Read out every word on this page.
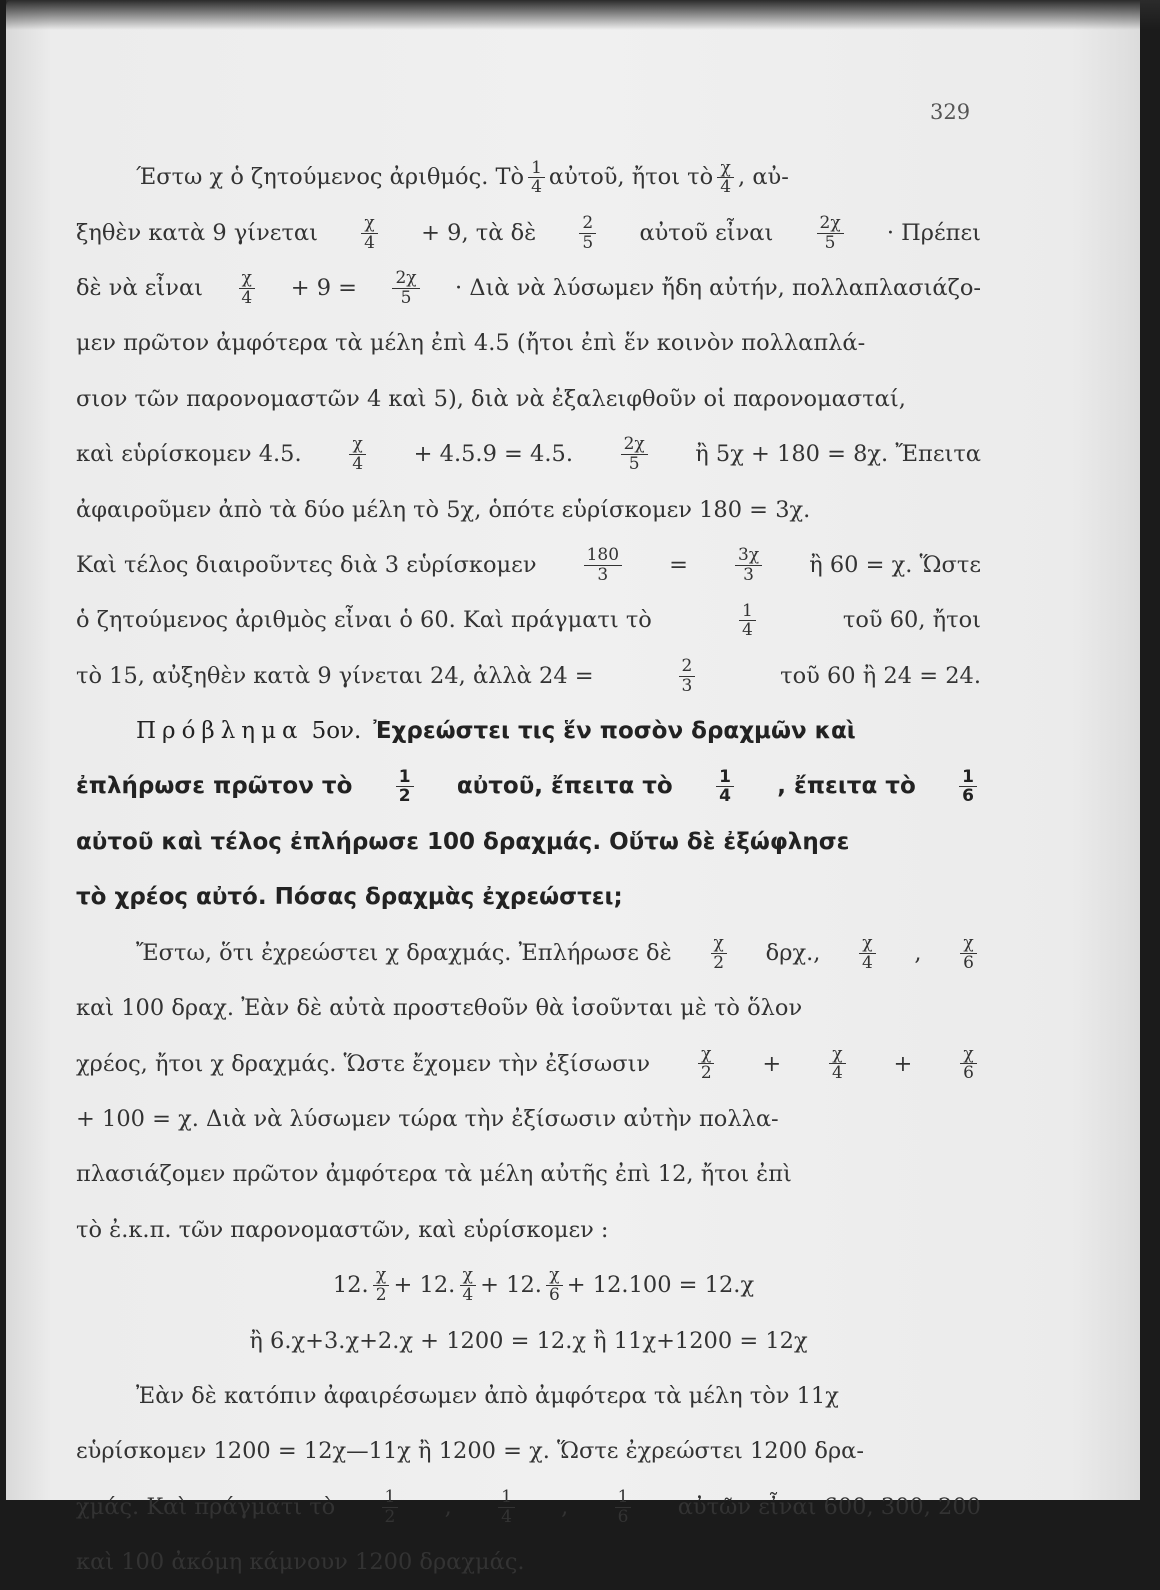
329
Έστω χ ὁ ζητούμενος ἀριθμός. Τὸ $\frac{1}{4}$ αὐτοῦ, ἤτοι τὸ $\frac{\chi}{4}$ , αὐ-
ξηθὲν κατὰ 9 γίνεται	$\frac{\chi}{4} + 9$, τὰ δὲ	$\frac{2}{5}$ αὐτοῦ εἶναι	$\frac{2\chi}{5} \cdot \Pi\rho έ\pi\varepsilon\iota$
δὲ νὰ εἶναι $\frac{\chi}{4} + 9 = \frac{2\chi}{5}$ · Διὰ νὰ λύσωμεν ἤδη αὐτήν, πολλαπλασιάζο-
μεν πρῶτον ἀμφότερα τὰ μέλη ἐπὶ 4.5 (ἤτοι ἐπὶ ἕν κοινὸν πολλαπλά-
σιον τῶν παρονομαστῶν 4 καὶ 5), διὰ νὰ ἐξαλειφθοῦν οἱ παρονομασταί,
καὶ εὑρίσκομεν 4.5.	$\frac{\chi}{4} + 4.5.9 = 4.5$.	$\frac{2\chi}{5}$ ἢ 5χ + 180 = 8χ. Ἔπειτα
ἀφαιροῦμεν ἀπὸ τὰ δύο μέλη τὸ 5χ, ὁπότε εὑρίσκομεν 180 = 3χ.
Καὶ τέλος διαιροῦντες διὰ 3 εὑρίσκομεν	$\frac{180}{3}$ =	$\frac{3\chi}{3}$ ἢ 60 = χ. Ὥστε
ὁ ζητούμενος ἀριθμὸς εἶναι ὁ 60. Καὶ πράγματι τὸ	$\frac{1}{4}$	τοῦ 60, ἤτοι
τὸ 15, αὐξηθὲν κατὰ 9 γίνεται 24, ἀλλὰ 24 =	$\frac{2}{3}$	τοῦ 60 ἢ 24 = 24.
Πρόβλημα 5ον. Ἐχρεώστει τις ἕν ποσὸν δραχμῶν καὶ
ἐπλήρωσε πρῶτον τὸ	$\frac{1}{2}$ αὐτοῦ, ἔπειτα τὸ	$\frac{1}{4}$ , ἔπειτα τὸ	$\frac{1}{6}$
αὐτοῦ καὶ τέλος ἐπλήρωσε 100 δραχμάς. Οὕτω δὲ ἐξώφλησε
τὸ χρέος αὐτό. Πόσας δραχμὰς ἐχρεώστει;
Ἔστω, ὅτι ἐχρεώστει χ δραχμάς. Ἐπλήρωσε δὲ $\frac{\chi}{2} \delta\rho\chi$., $\frac{\chi}{4}$ , $\frac{\chi}{6}$
καὶ 100 δραχ. Ἐὰν δὲ αὐτὰ προστεθοῦν θὰ ἰσοῦνται μὲ τὸ ὅλον
χρέος, ἤτοι χ δραχμάς. Ὥστε ἔχομεν τὴν ἐξίσωσιν	$\frac{\chi}{2}$ +	$\frac{\chi}{4}$ +	$\frac{\chi}{6}$
+ 100 = χ. Διὰ νὰ λύσωμεν τώρα τὴν ἐξίσωσιν αὐτὴν πολλα-
πλασιάζομεν πρῶτον ἀμφότερα τὰ μέλη αὐτῆς ἐπὶ 12, ἤτοι ἐπὶ
τὸ ἐ.κ.π. τῶν παρονομαστῶν, καὶ εὑρίσκομεν :
12. $\frac{\chi}{2} + 12$. $\frac{\chi}{4} + 12$. $\frac{\chi}{6} + 12.100 = 12.\chi$
ἢ 6.χ+3.χ+2.χ + 1200 = 12.χ ἢ 11χ+1200 = 12χ
Ἐὰν δὲ κατόπιν ἀφαιρέσωμεν ἀπὸ ἀμφότερα τὰ μέλη τὸν 11χ
εὑρίσκομεν 1200 = 12χ—11χ ἢ 1200 = χ. Ὥστε ἐχρεώστει 1200 δρα-
χμάς. Καὶ πράγματι τὸ	$\frac{1}{2}$ ,	$\frac{1}{4}$ ,	$\frac{1}{6}$ αὐτῶν εἶναι 600, 300, 200
καὶ 100 ἀκόμη κάμνουν 1200 δραχμάς.
